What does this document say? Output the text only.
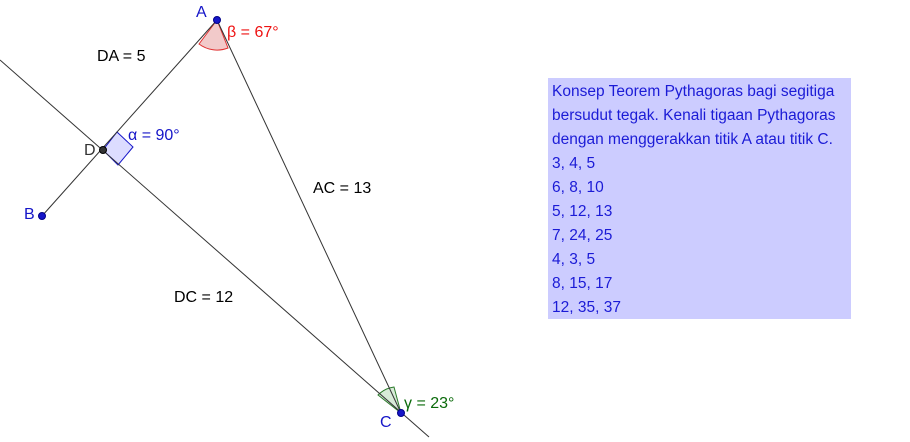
A
B
C
D
DA = 5
AC = 13
DC = 12
β = 67°
α = 90°
γ = 23°
Konsep Teorem Pythagoras bagi segitiga
bersudut tegak. Kenali tigaan Pythagoras
dengan menggerakkan titik A atau titik C.
3, 4, 5
6, 8, 10
5, 12, 13
7, 24, 25
4, 3, 5
8, 15, 17
12, 35, 37
